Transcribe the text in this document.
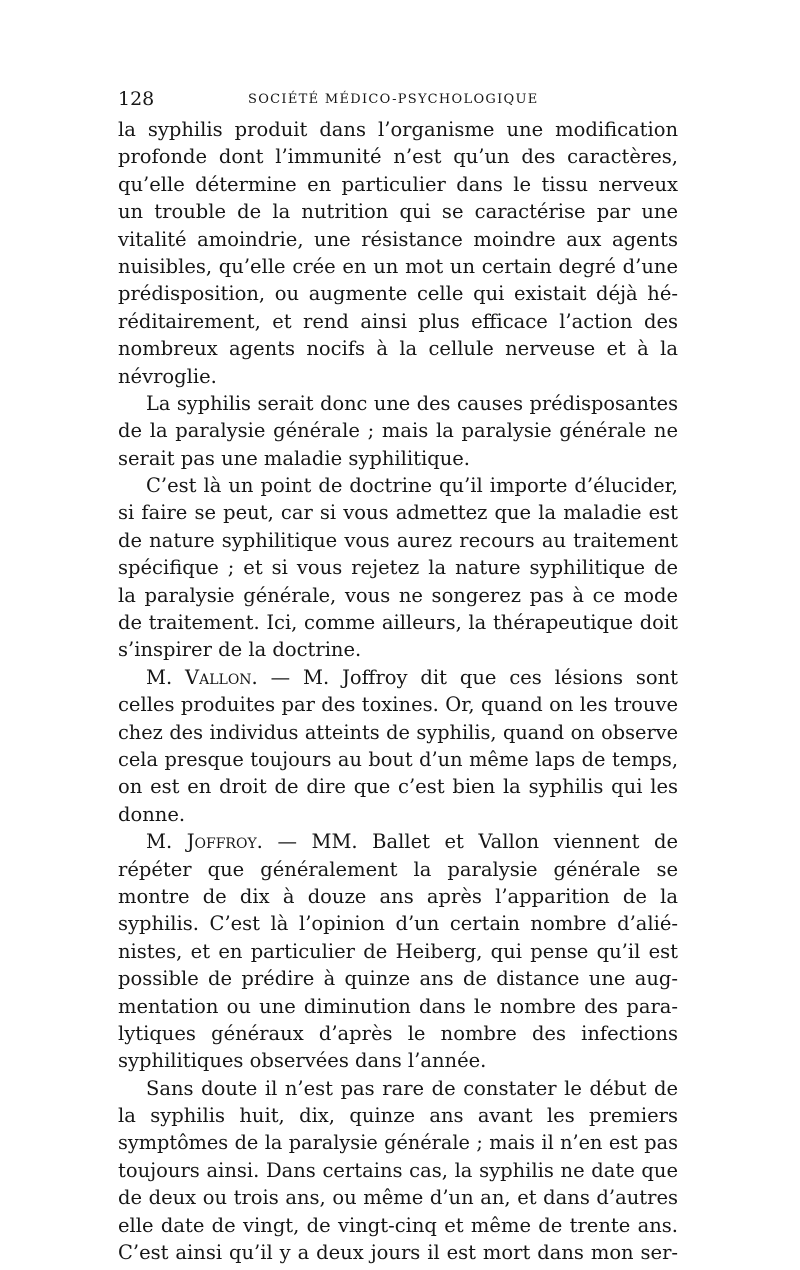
128	SOCIÉTÉ MÉDICO-PSYCHOLOGIQUE
la syphilis produit dans l’organisme une modification
profonde dont l’immunité n’est qu’un des caractères,
qu’elle détermine en particulier dans le tissu nerveux
un trouble de la nutrition qui se caractérise par une
vitalité amoindrie, une résistance moindre aux agents
nuisibles, qu’elle crée en un mot un certain degré d’une
prédisposition, ou augmente celle qui existait déjà hé-
réditairement, et rend ainsi plus efficace l’action des
nombreux agents nocifs à la cellule nerveuse et à la
névroglie.
La syphilis serait donc une des causes prédisposantes
de la paralysie générale ; mais la paralysie générale ne
serait pas une maladie syphilitique.
C’est là un point de doctrine qu’il importe d’élucider,
si faire se peut, car si vous admettez que la maladie est
de nature syphilitique vous aurez recours au traitement
spécifique ; et si vous rejetez la nature syphilitique de
la paralysie générale, vous ne songerez pas à ce mode
de traitement. Ici, comme ailleurs, la thérapeutique doit
s’inspirer de la doctrine.
M. Vallon. — M. Joffroy dit que ces lésions sont
celles produites par des toxines. Or, quand on les trouve
chez des individus atteints de syphilis, quand on observe
cela presque toujours au bout d’un même laps de temps,
on est en droit de dire que c’est bien la syphilis qui les
donne.
M. Joffroy. — MM. Ballet et Vallon viennent de
répéter que généralement la paralysie générale se
montre de dix à douze ans après l’apparition de la
syphilis. C’est là l’opinion d’un certain nombre d’alié-
nistes, et en particulier de Heiberg, qui pense qu’il est
possible de prédire à quinze ans de distance une aug-
mentation ou une diminution dans le nombre des para-
lytiques généraux d’après le nombre des infections
syphilitiques observées dans l’année.
Sans doute il n’est pas rare de constater le début de
la syphilis huit, dix, quinze ans avant les premiers
symptômes de la paralysie générale ; mais il n’en est pas
toujours ainsi. Dans certains cas, la syphilis ne date que
de deux ou trois ans, ou même d’un an, et dans d’autres
elle date de vingt, de vingt-cinq et même de trente ans.
C’est ainsi qu’il y a deux jours il est mort dans mon ser-
